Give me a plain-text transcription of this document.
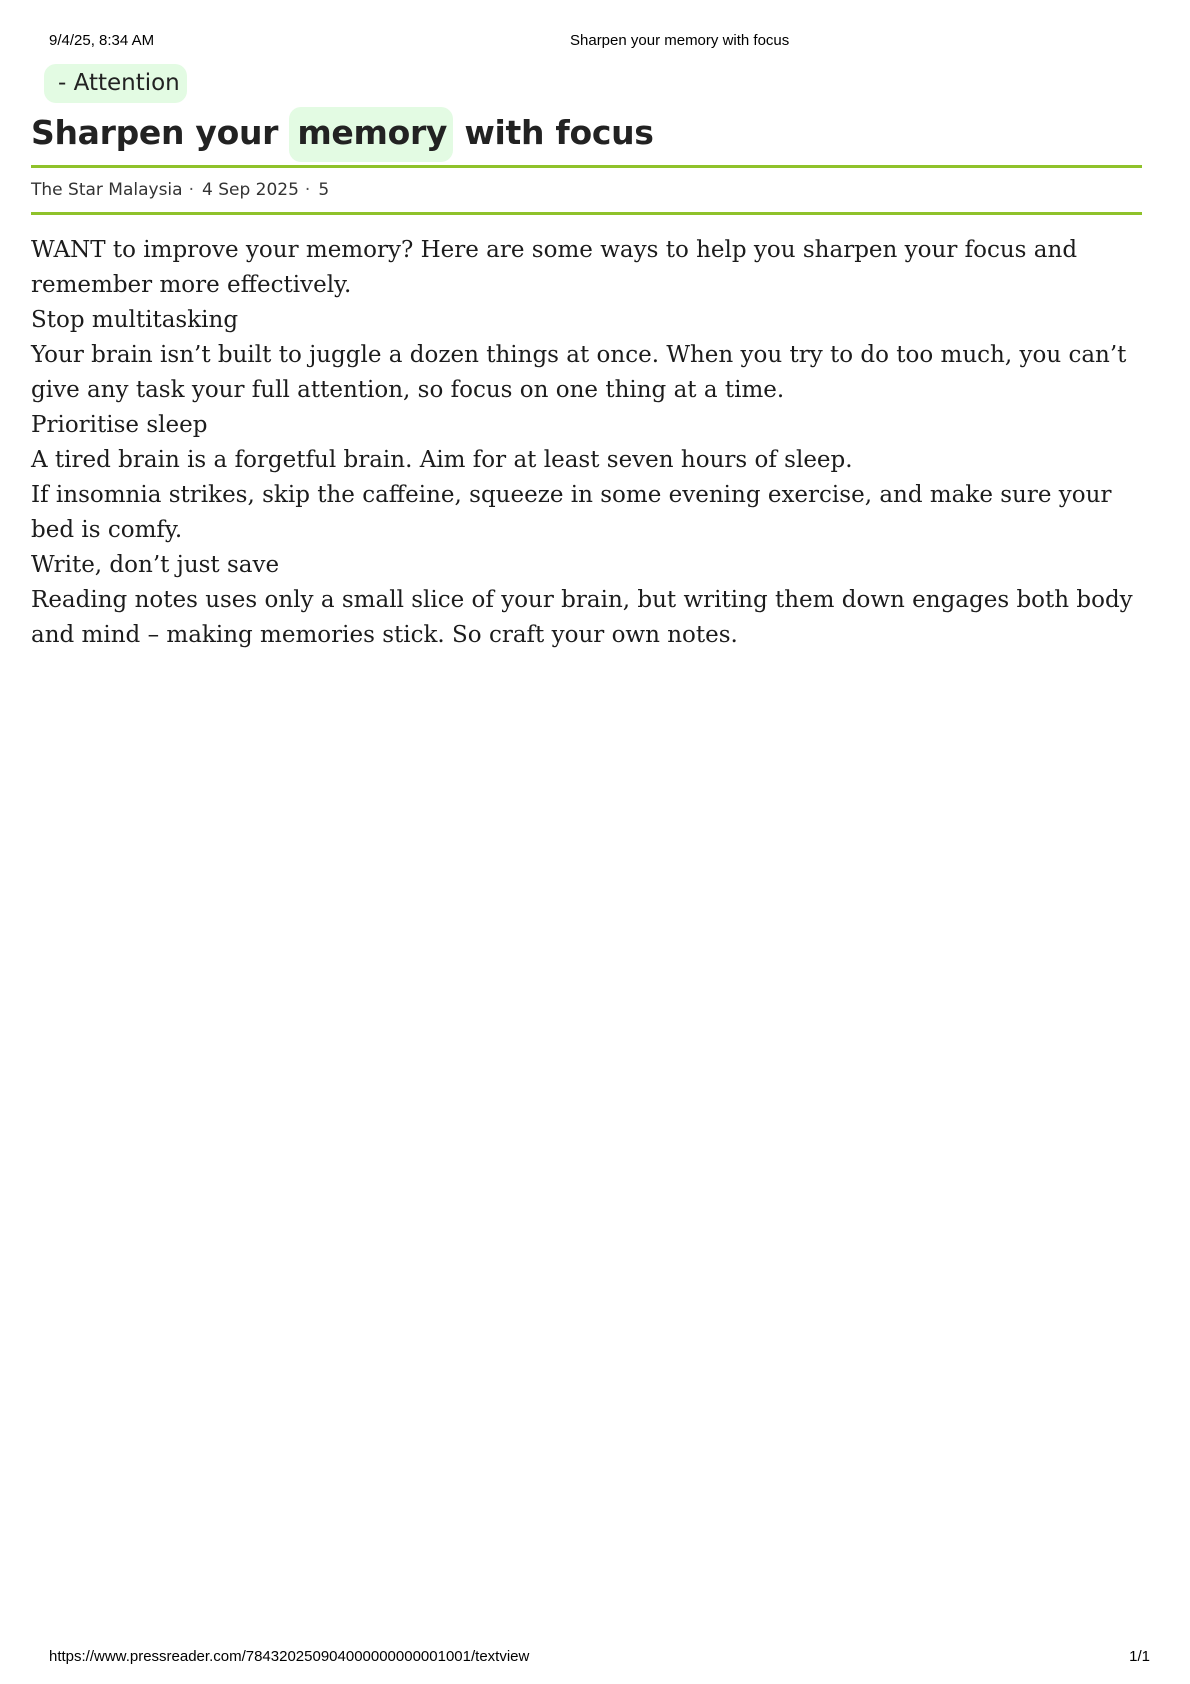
9/4/25, 8:34 AM	Sharpen your memory with focus
- Attention
Sharpen your memory with focus
The Star Malaysia · 4 Sep 2025 · 5

WANT to improve your memory? Here are some ways to help you sharpen your focus and remember more effectively.

Stop multitasking

Your brain isn’t built to juggle a dozen things at once. When you try to do too much, you can’t give any task your full attention, so focus on one thing at a time.

Prioritise sleep

A tired brain is a forgetful brain. Aim for at least seven hours of sleep.

If insomnia strikes, skip the caffeine, squeeze in some evening exercise, and make sure your bed is comfy.

Write, don’t just save

Reading notes uses only a small slice of your brain, but writing them down engages both body and mind – making memories stick. So craft your own notes.

https://www.pressreader.com/784320250904000000000001001/textview	1/1
